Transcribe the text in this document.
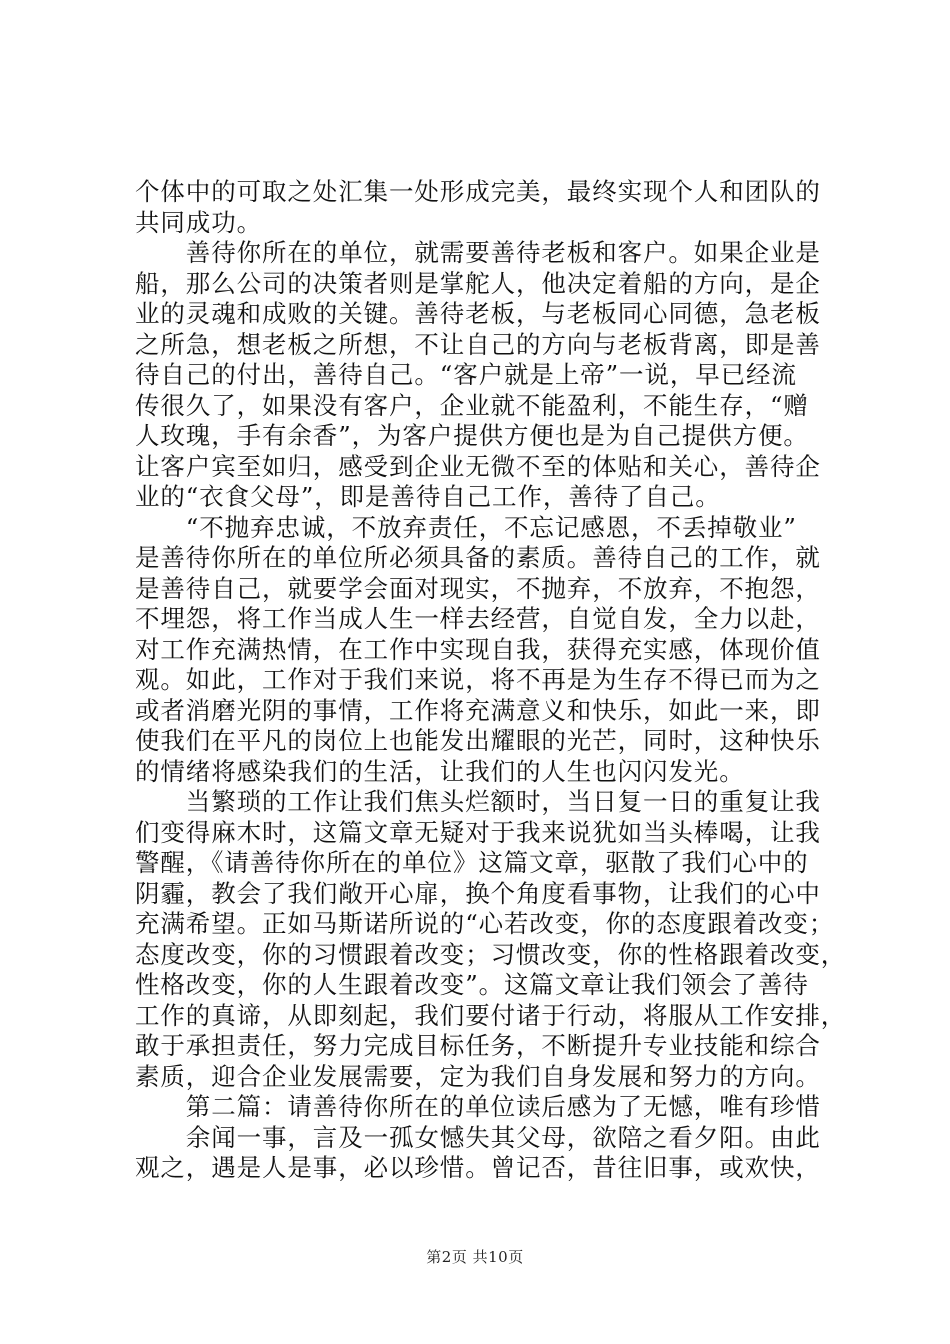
个体中的可取之处汇集一处形成完美，最终实现个人和团队的
共同成功。
　　善待你所在的单位，就需要善待老板和客户。如果企业是
船，那么公司的决策者则是掌舵人，他决定着船的方向，是企
业的灵魂和成败的关键。善待老板，与老板同心同德，急老板
之所急，想老板之所想，不让自己的方向与老板背离，即是善
待自己的付出，善待自己。“客户就是上帝”一说，早已经流
传很久了，如果没有客户，企业就不能盈利，不能生存，“赠
人玫瑰，手有余香”，为客户提供方便也是为自己提供方便。
让客户宾至如归，感受到企业无微不至的体贴和关心，善待企
业的“衣食父母”，即是善待自己工作，善待了自己。
　　“不抛弃忠诚，不放弃责任，不忘记感恩，不丢掉敬业”
是善待你所在的单位所必须具备的素质。善待自己的工作，就
是善待自己，就要学会面对现实，不抛弃，不放弃，不抱怨，
不埋怨，将工作当成人生一样去经营，自觉自发，全力以赴，
对工作充满热情，在工作中实现自我，获得充实感，体现价值
观。如此，工作对于我们来说，将不再是为生存不得已而为之
或者消磨光阴的事情，工作将充满意义和快乐，如此一来，即
使我们在平凡的岗位上也能发出耀眼的光芒，同时，这种快乐
的情绪将感染我们的生活，让我们的人生也闪闪发光。
　　当繁琐的工作让我们焦头烂额时，当日复一日的重复让我
们变得麻木时，这篇文章无疑对于我来说犹如当头棒喝，让我
警醒，《请善待你所在的单位》这篇文章，驱散了我们心中的
阴霾，教会了我们敞开心扉，换个角度看事物，让我们的心中
充满希望。正如马斯诺所说的“心若改变，你的态度跟着改变；
态度改变，你的习惯跟着改变；习惯改变，你的性格跟着改变，
性格改变，你的人生跟着改变”。这篇文章让我们领会了善待
工作的真谛，从即刻起，我们要付诸于行动，将服从工作安排，
敢于承担责任，努力完成目标任务，不断提升专业技能和综合
素质，迎合企业发展需要，定为我们自身发展和努力的方向。
　　第二篇：请善待你所在的单位读后感为了无憾，唯有珍惜
　　余闻一事，言及一孤女憾失其父母，欲陪之看夕阳。由此
观之，遇是人是事，必以珍惜。曾记否，昔往旧事，或欢快，
第2页 共10页
